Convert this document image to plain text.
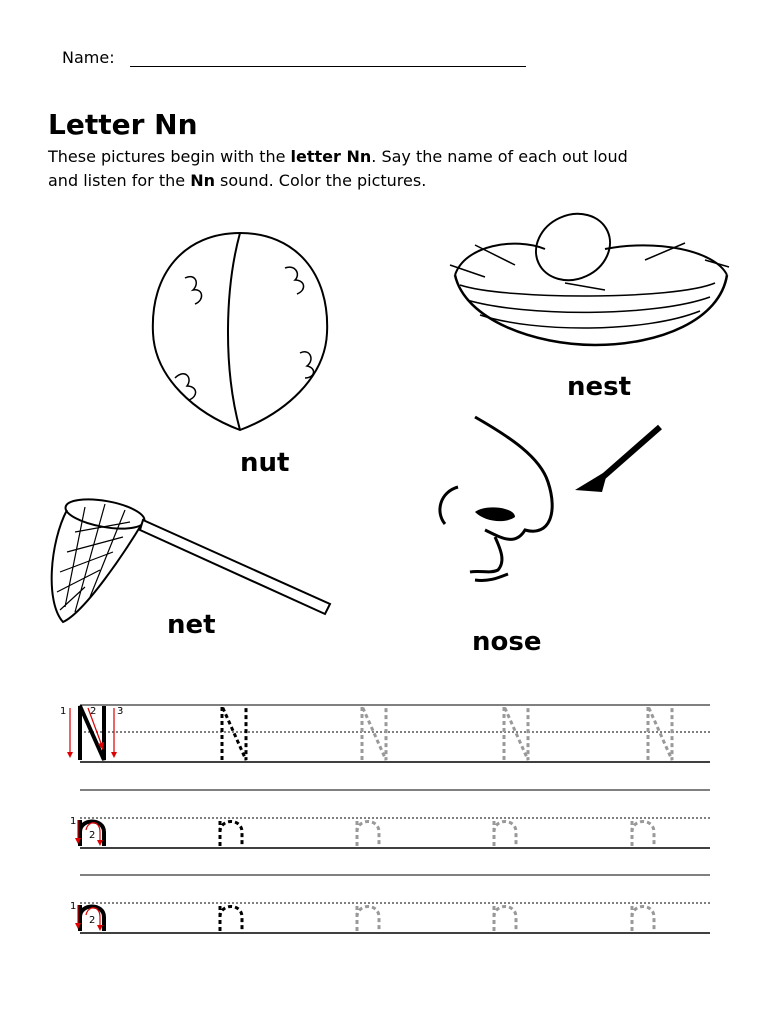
Name:
Letter Nn
These pictures begin with the letter Nn. Say the name of each out loud
and listen for the Nn sound. Color the pictures.
nut
nest
net
nose
1 2 3
1
2
1
2
